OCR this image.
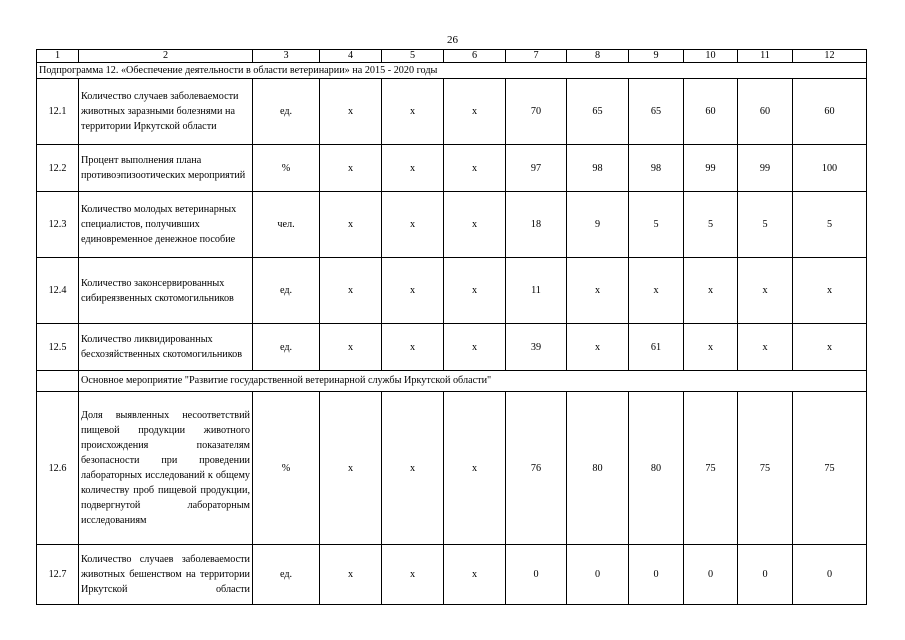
26
1	2	3	4	5	6	7	8	9	10	11	12
Подпрограмма 12. «Обеспечение деятельности в области ветеринарии» на 2015 - 2020 годы											
12.1	Количество случаев заболеваемости животных заразными болезнями на территории Иркутской области	ед.	х	х	х	70	65	65	60	60	60
12.2	Процент выполнения плана противоэпизоотических мероприятий	%	х	х	х	97	98	98	99	99	100
12.3	Количество молодых ветеринарных специалистов, получивших единовременное денежное пособие	чел.	х	х	х	18	9	5	5	5	5
12.4	Количество законсервированных сибиреязвенных скотомогильников	ед.	х	х	х	11	х	х	х	х	х
12.5	Количество ликвидированных бесхозяйственных скотомогильников	ед.	х	х	х	39	х	61	х	х	х
	Основное мероприятие "Развитие государственной ветеринарной службы Иркутской области"										
12.6	Доля выявленных несоответствий пищевой продукции животного происхождения показателям безопасности при проведении лабораторных исследований к общему количеству проб пищевой продукции, подвергнутой лабораторным исследованиям	%	х	х	х	76	80	80	75	75	75
12.7	Количество случаев заболеваемости животных бешенством на территории Иркутской области	ед.	х	х	х	0	0	0	0	0	0
